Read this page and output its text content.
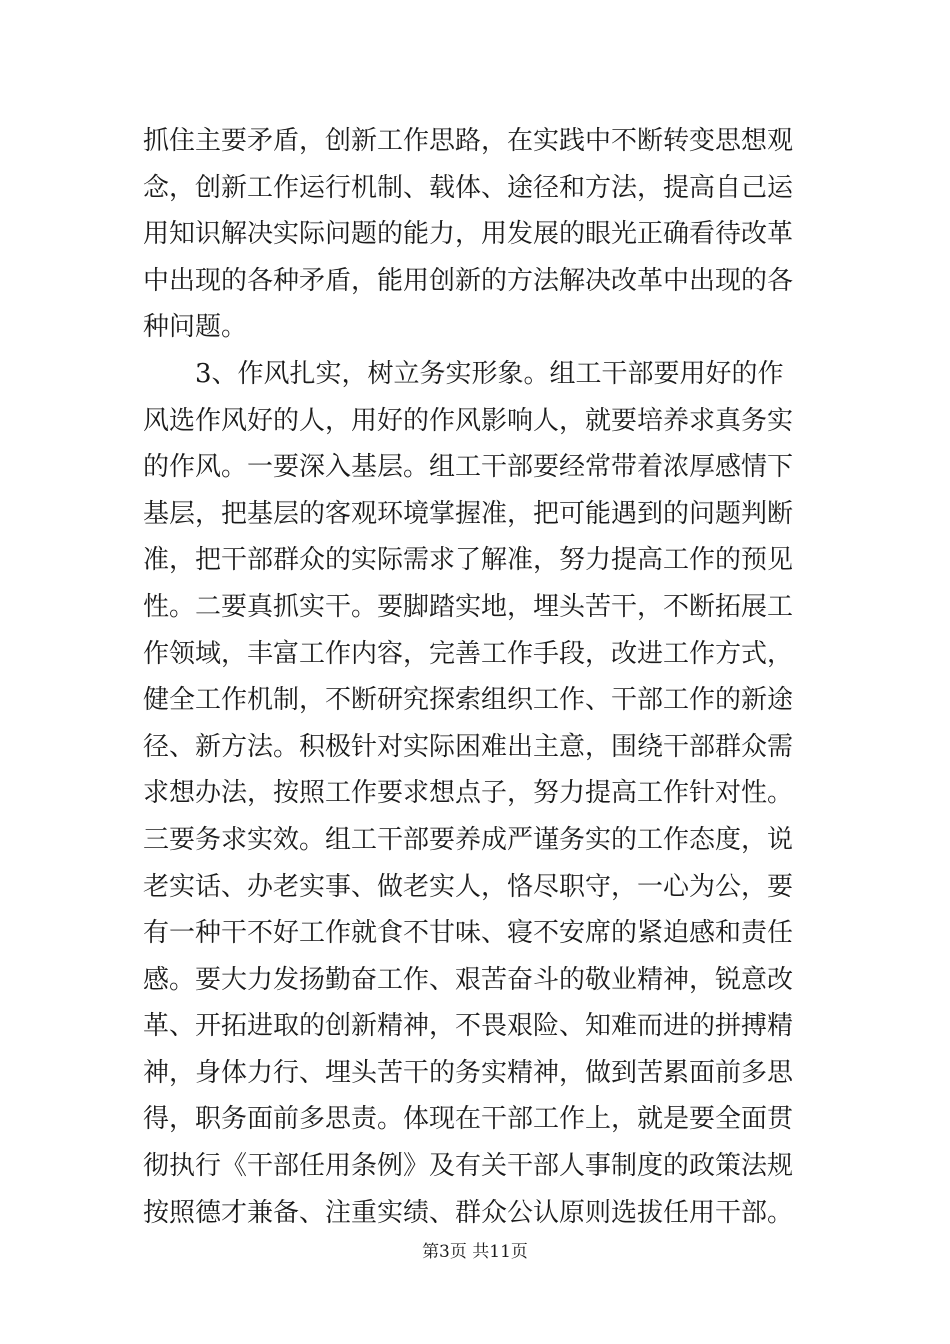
抓住主要矛盾，创新工作思路，在实践中不断转变思想观
念，创新工作运行机制、载体、途径和方法，提高自己运
用知识解决实际问题的能力，用发展的眼光正确看待改革
中出现的各种矛盾，能用创新的方法解决改革中出现的各
种问题。
　　3、作风扎实，树立务实形象。组工干部要用好的作
风选作风好的人，用好的作风影响人，就要培养求真务实
的作风。一要深入基层。组工干部要经常带着浓厚感情下
基层，把基层的客观环境掌握准，把可能遇到的问题判断
准，把干部群众的实际需求了解准，努力提高工作的预见
性。二要真抓实干。要脚踏实地，埋头苦干，不断拓展工
作领域，丰富工作内容，完善工作手段，改进工作方式，
健全工作机制，不断研究探索组织工作、干部工作的新途
径、新方法。积极针对实际困难出主意，围绕干部群众需
求想办法，按照工作要求想点子，努力提高工作针对性。
三要务求实效。组工干部要养成严谨务实的工作态度，说
老实话、办老实事、做老实人，恪尽职守，一心为公，要
有一种干不好工作就食不甘味、寝不安席的紧迫感和责任
感。要大力发扬勤奋工作、艰苦奋斗的敬业精神，锐意改
革、开拓进取的创新精神，不畏艰险、知难而进的拼搏精
神，身体力行、埋头苦干的务实精神，做到苦累面前多思
得，职务面前多思责。体现在干部工作上，就是要全面贯
彻执行《干部任用条例》及有关干部人事制度的政策法规
按照德才兼备、注重实绩、群众公认原则选拔任用干部。
第3页 共11页
